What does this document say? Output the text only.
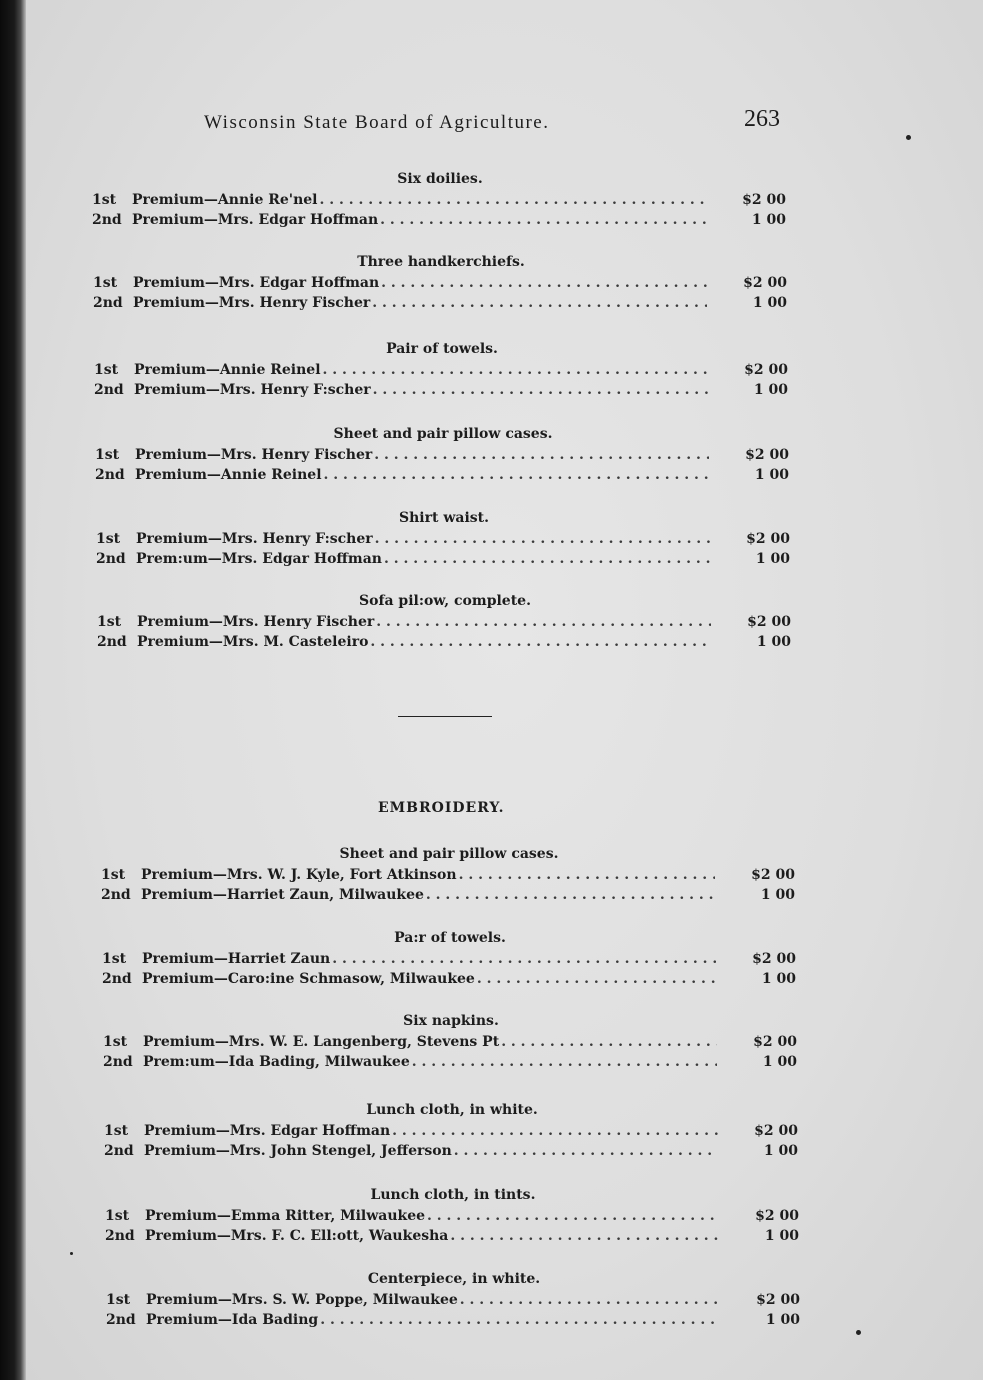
Wisconsin State Board of Agriculture.	263
Six doilies.
1st	Premium—Annie Re'nel . . .	$2 00
2nd Premium—Mrs. Edgar Hoffman . . .	1 00
Three handkerchiefs.
1st	Premium—Mrs. Edgar Hoffman . . .	$2 00
2nd Premium—Mrs. Henry Fischer . . .	1 00
Pair of towels.
1st	Premium—Annie Reinel . . .	$2 00
2nd Premium—Mrs. Henry F:scher . . .	1 00
Sheet and pair pillow cases.
1st	Premium—Mrs. Henry Fischer . . .	$2 00
2nd Premium—Annie Reinel . . .	1 00
Shirt waist.
1st	Premium—Mrs. Henry F:scher . . .	$2 00
2nd Prem:um—Mrs. Edgar Hoffman . . .	1 00
Sofa pil:ow, complete.
1st	Premium—Mrs. Henry Fischer . . .	$2 00
2nd Premium—Mrs. M. Casteleiro . . .	1 00
EMBROIDERY.
Sheet and pair pillow cases.
1st	Premium—Mrs. W. J. Kyle, Fort Atkinson . . .	$2 00
2nd Premium—Harriet Zaun, Milwaukee . . .	1 00
Pa:r of towels.
1st	Premium—Harriet Zaun . . .	$2 00
2nd Premium—Caro:ine Schmasow, Milwaukee . . .	1 00
Six napkins.
1st	Premium—Mrs. W. E. Langenberg, Stevens Pt . . .	$2 00
2nd Prem:um—Ida Bading, Milwaukee . . .	1 00
Lunch cloth, in white.
1st	Premium—Mrs. Edgar Hoffman . . .	$2 00
2nd Premium—Mrs. John Stengel, Jefferson . . .	1 00
Lunch cloth, in tints.
1st	Premium—Emma Ritter, Milwaukee . . .	$2 00
2nd Premium—Mrs. F. C. Ell:ott, Waukesha . . .	1 00
Centerpiece, in white.
1st	Premium—Mrs. S. W. Poppe, Milwaukee . . .	$2 00
2nd Premium—Ida Bading . . .	1 00
